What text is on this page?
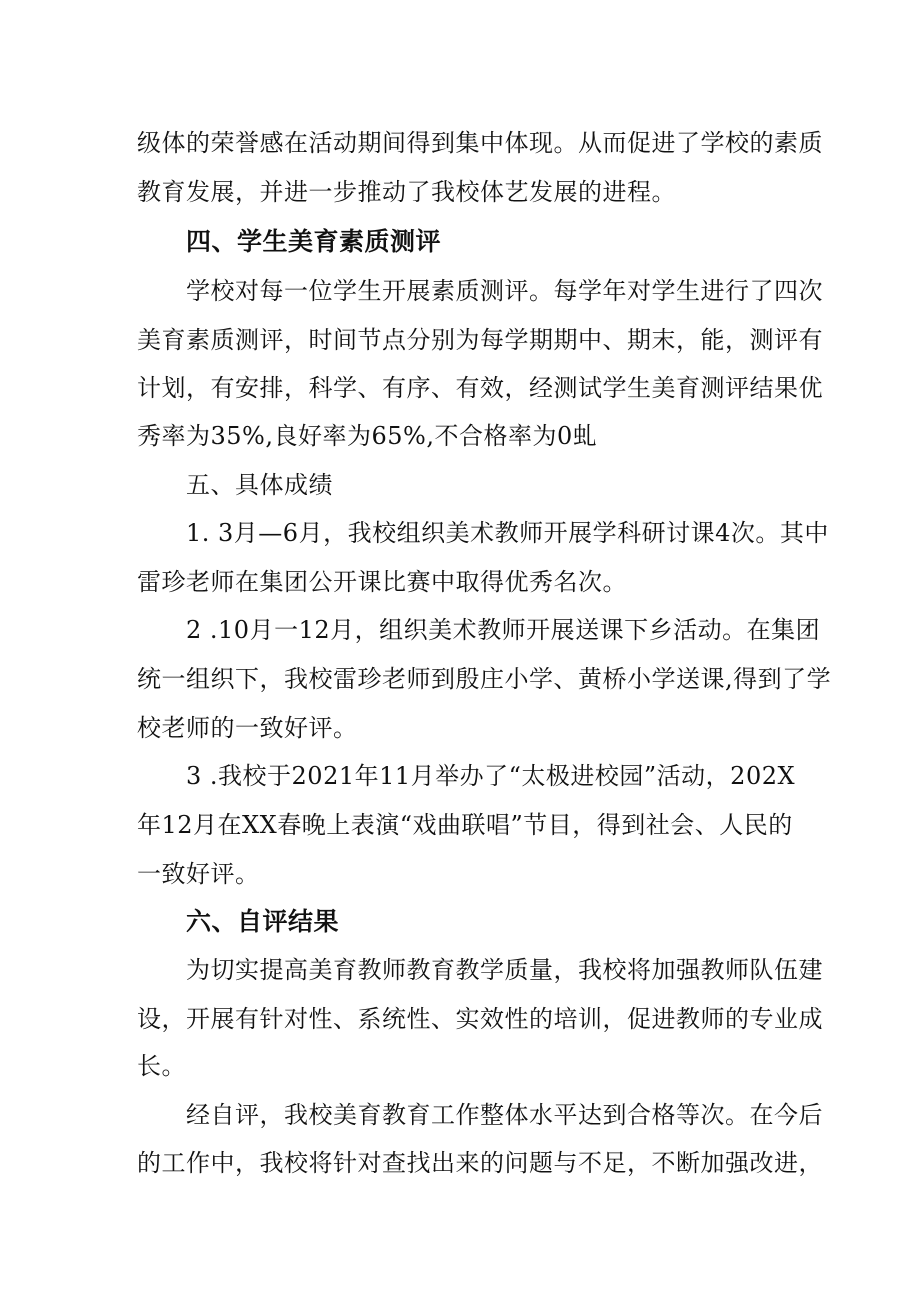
级体的荣誉感在活动期间得到集中体现。从而促进了学校的素质
教育发展，并进一步推动了我校体艺发展的进程。
四、学生美育素质测评
学校对每一位学生开展素质测评。每学年对学生进行了四次
美育素质测评，时间节点分别为每学期期中、期末，能，测评有
计划，有安排，科学、有序、有效，经测试学生美育测评结果优
秀率为35%,良好率为65%,不合格率为0虬
五、具体成绩
1. 3月—6月，我校组织美术教师开展学科研讨课4次。其中
雷珍老师在集团公开课比赛中取得优秀名次。
2 .10月一12月，组织美术教师开展送课下乡活动。在集团
统一组织下，我校雷珍老师到殷庄小学、黄桥小学送课,得到了学
校老师的一致好评。
3 .我校于2021年11月举办了“太极进校园”活动，202X
年12月在XX春晚上表演“戏曲联唱”节目，得到社会、人民的
一致好评。
六、自评结果
为切实提高美育教师教育教学质量，我校将加强教师队伍建
设，开展有针对性、系统性、实效性的培训，促进教师的专业成
长。
经自评，我校美育教育工作整体水平达到合格等次。在今后
的工作中，我校将针对查找出来的问题与不足，不断加强改进，
